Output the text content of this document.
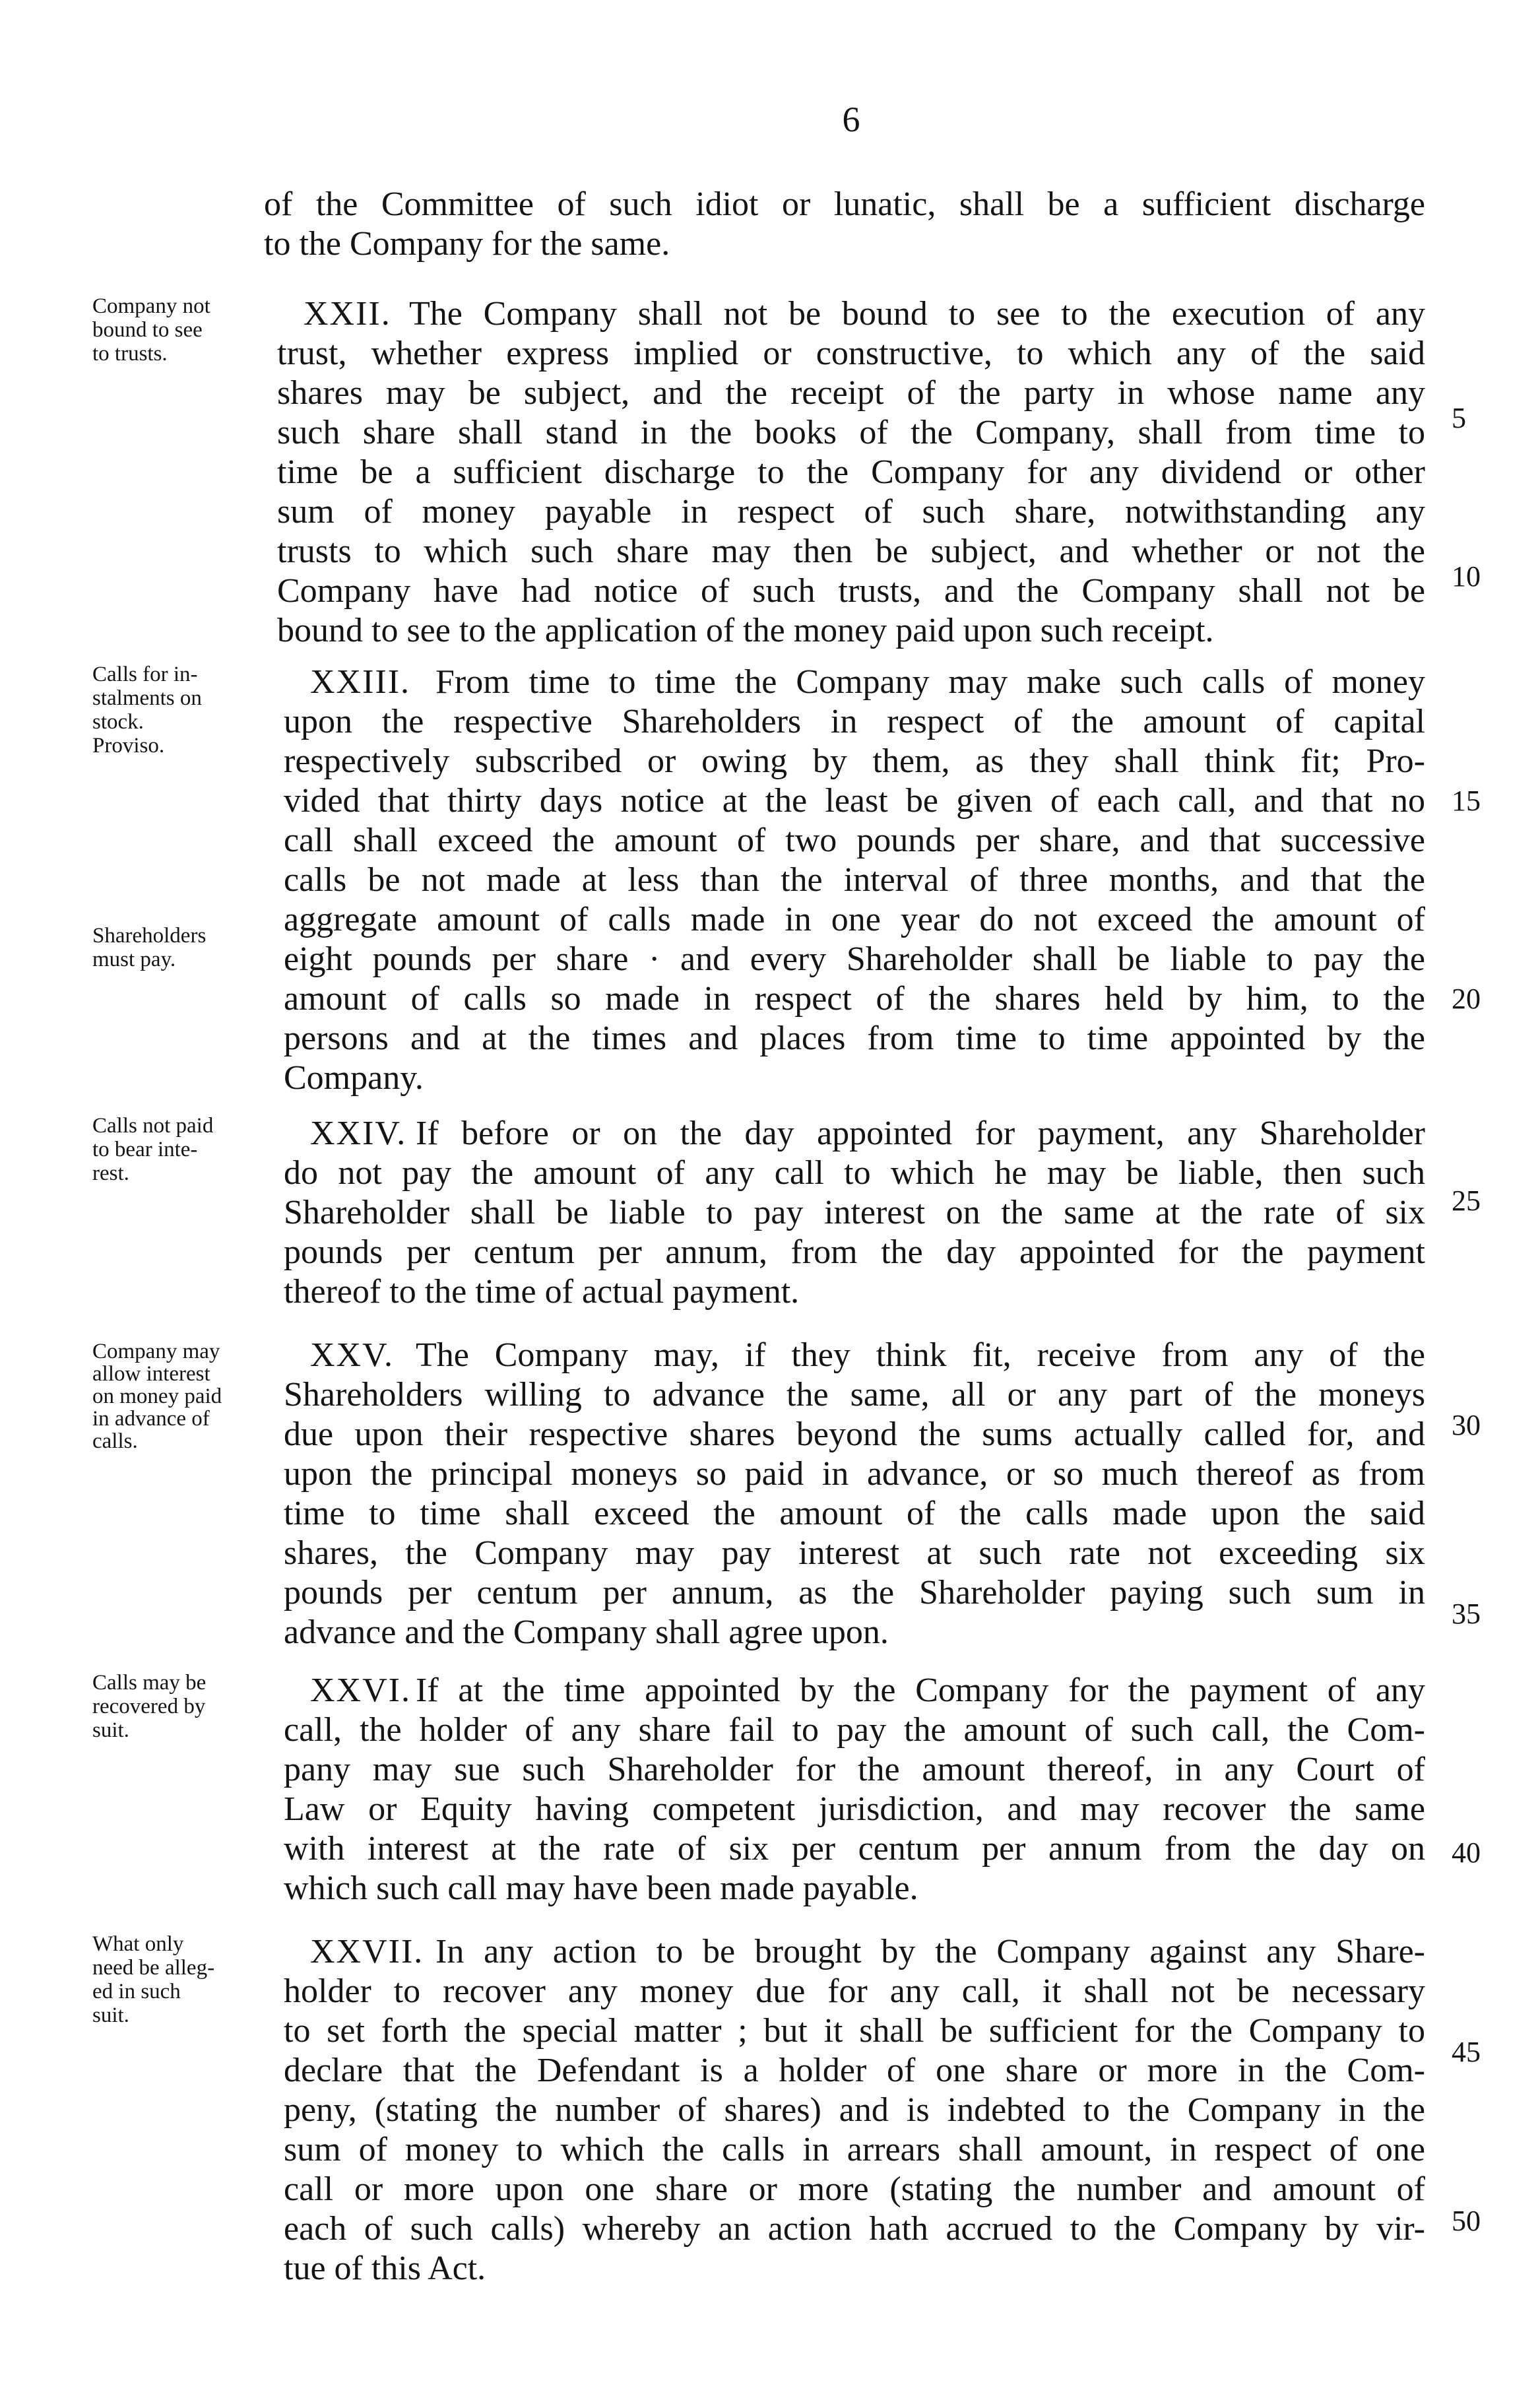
6

of the Committee of such idiot or lunatic, shall be a sufficient discharge

to the Company for the same.

XXII. The Company shall not be bound to see to the execution of any

trust, whether express implied or constructive, to which any of the said

shares may be subject, and the receipt of the party in whose name any

such share shall stand in the books of the Company, shall from time to

time be a sufficient discharge to the Company for any dividend or other

sum of money payable in respect of such share, notwithstanding any

trusts to which such share may then be subject, and whether or not the

Company have had notice of such trusts, and the Company shall not be

bound to see to the application of the money paid upon such receipt.

XXIII. From time to time the Company may make such calls of money

upon the respective Shareholders in respect of the amount of capital

respectively subscribed or owing by them, as they shall think fit; Pro-

vided that thirty days notice at the least be given of each call, and that no

call shall exceed the amount of two pounds per share, and that successive

calls be not made at less than the interval of three months, and that the

aggregate amount of calls made in one year do not exceed the amount of

eight pounds per share · and every Shareholder shall be liable to pay the

amount of calls so made in respect of the shares held by him, to the

persons and at the times and places from time to time appointed by the

Company.

XXIV. If before or on the day appointed for payment, any Shareholder

do not pay the amount of any call to which he may be liable, then such

Shareholder shall be liable to pay interest on the same at the rate of six

pounds per centum per annum, from the day appointed for the payment

thereof to the time of actual payment.

XXV. The Company may, if they think fit, receive from any of the

Shareholders willing to advance the same, all or any part of the moneys

due upon their respective shares beyond the sums actually called for, and

upon the principal moneys so paid in advance, or so much thereof as from

time to time shall exceed the amount of the calls made upon the said

shares, the Company may pay interest at such rate not exceeding six

pounds per centum per annum, as the Shareholder paying such sum in

advance and the Company shall agree upon.

XXVI. If at the time appointed by the Company for the payment of any

call, the holder of any share fail to pay the amount of such call, the Com-

pany may sue such Shareholder for the amount thereof, in any Court of

Law or Equity having competent jurisdiction, and may recover the same

with interest at the rate of six per centum per annum from the day on

which such call may have been made payable.

XXVII. In any action to be brought by the Company against any Share-

holder to recover any money due for any call, it shall not be necessary

to set forth the special matter ; but it shall be sufficient for the Company to

declare that the Defendant is a holder of one share or more in the Com-

peny, (stating the number of shares) and is indebted to the Company in the

sum of money to which the calls in arrears shall amount, in respect of one

call or more upon one share or more (stating the number and amount of

each of such calls) whereby an action hath accrued to the Company by vir-

tue of this Act.

Company not

bound to see

to trusts.

Calls for in-

stalments on

stock.

Proviso.

Shareholders

must pay.

Calls not paid

to bear inte-

rest.

Company may

allow interest

on money paid

in advance of

calls.

Calls may be

recovered by

suit.

What only

need be alleg-

ed in such

suit.

5

10

15

20

25

30

35

40

45

50
